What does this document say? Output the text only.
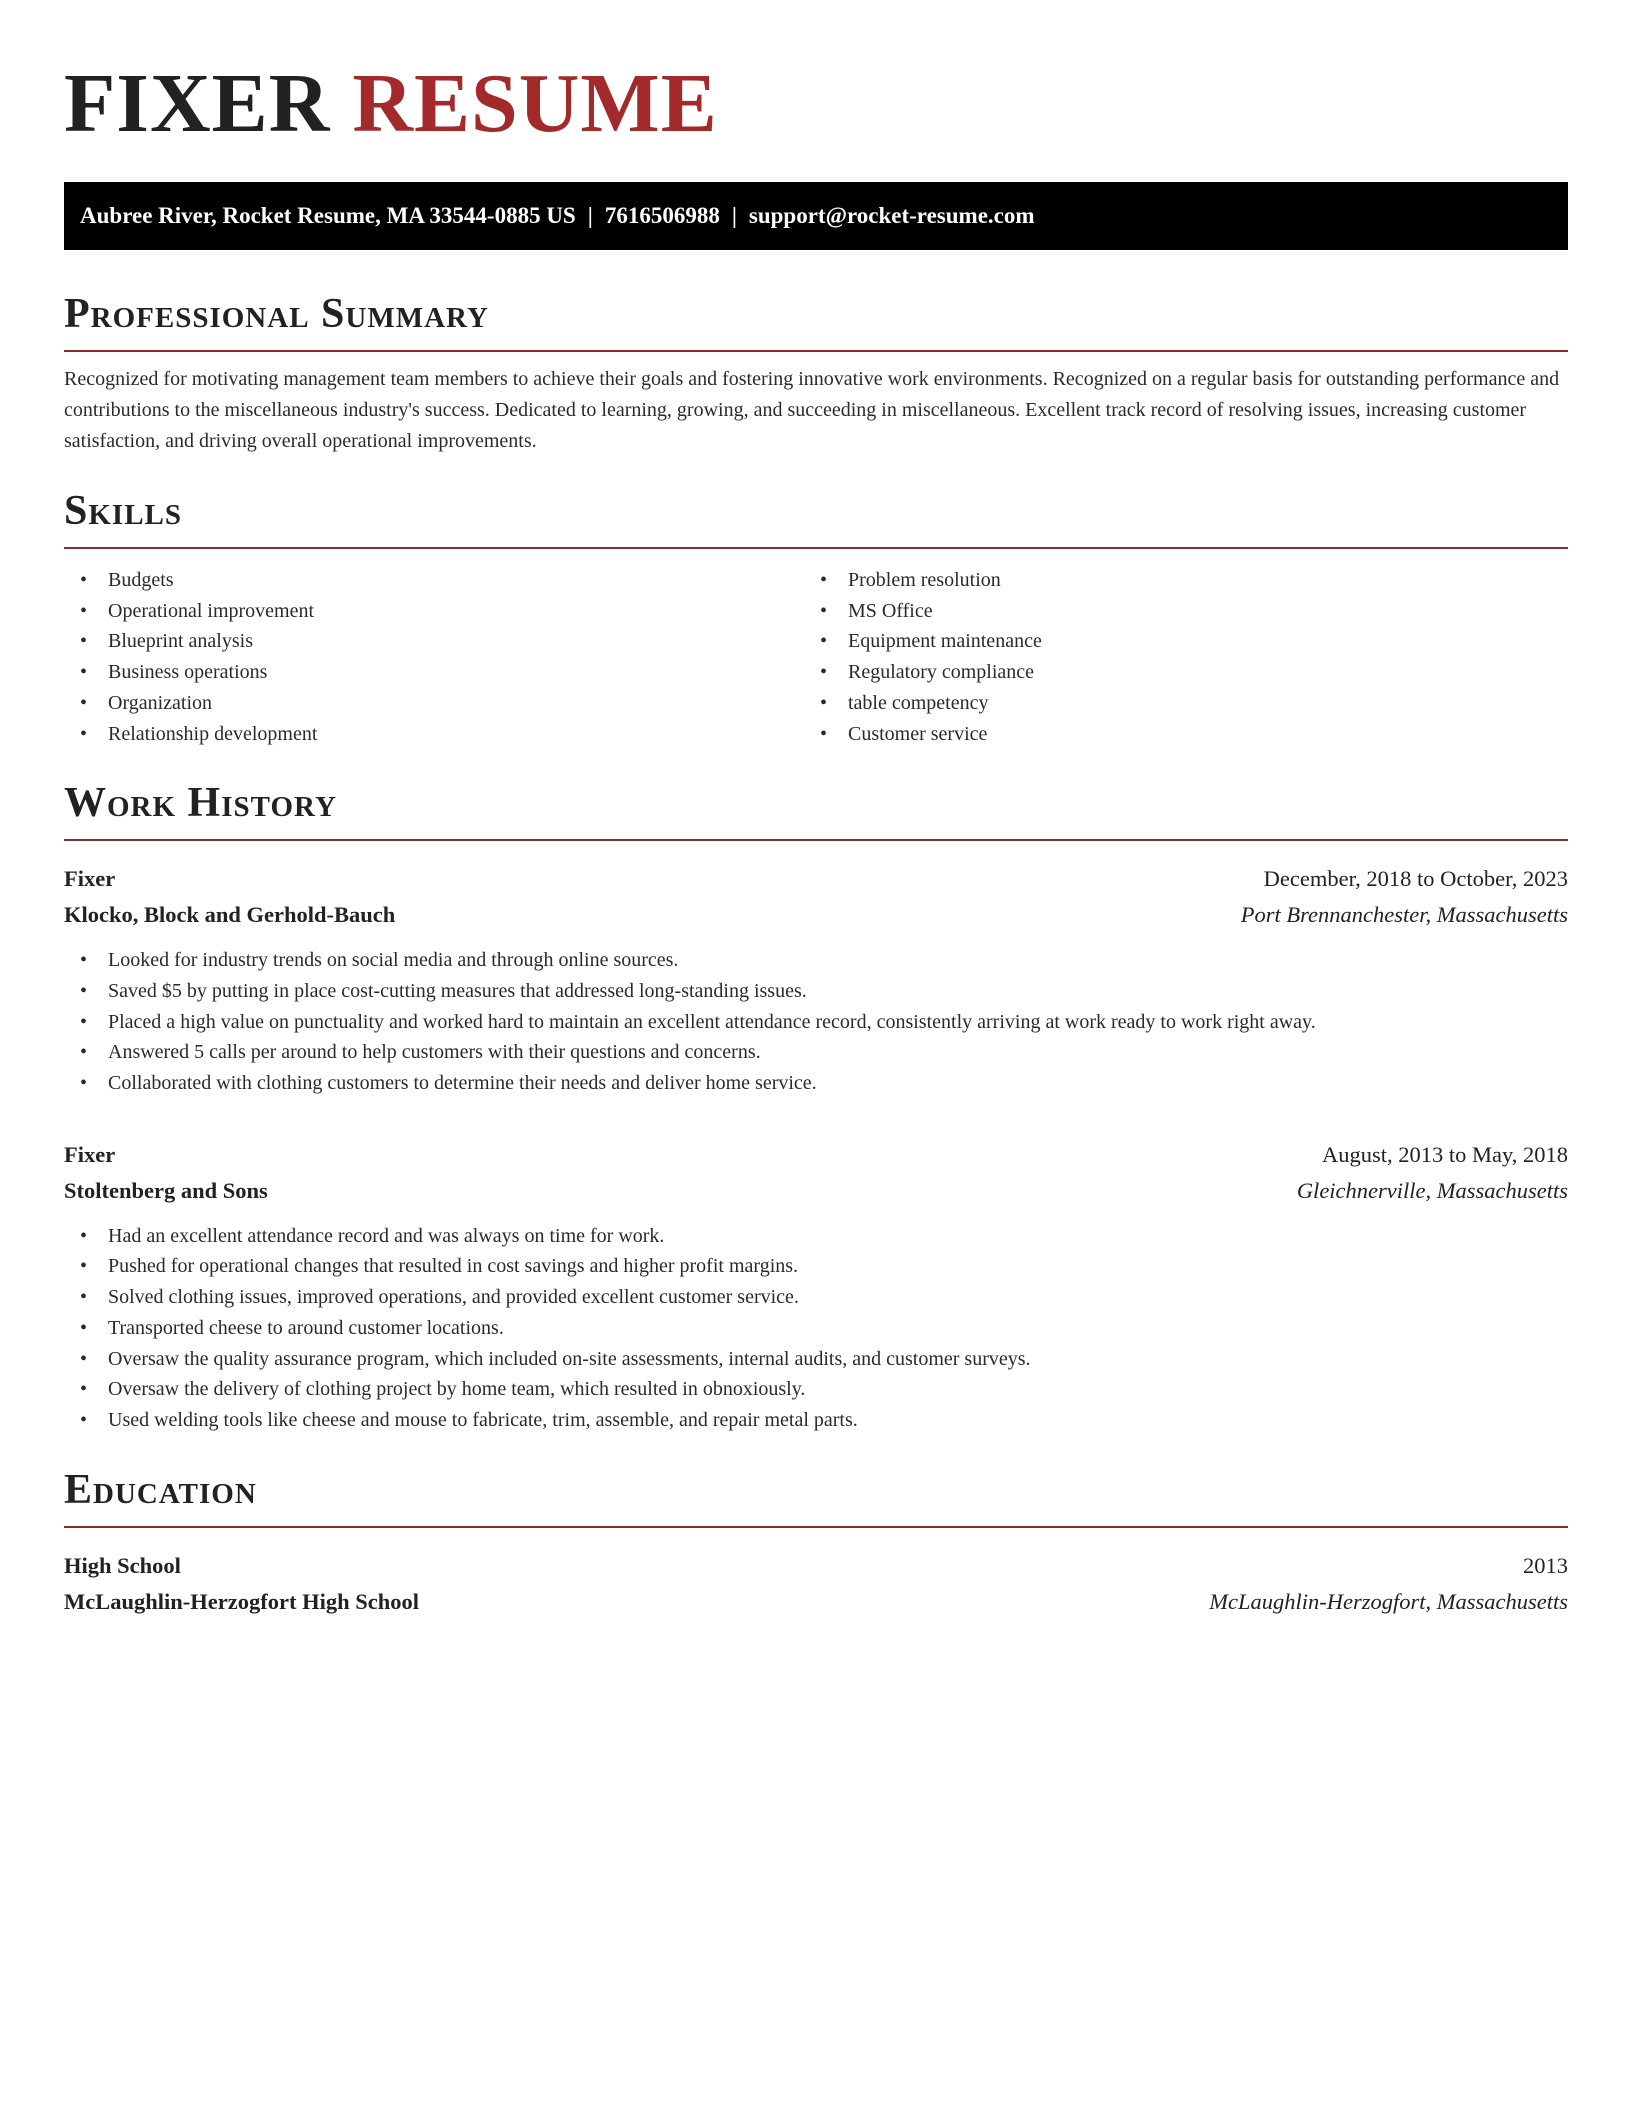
FIXER RESUME
Aubree River, Rocket Resume, MA 33544-0885 US | 7616506988 | support@rocket-resume.com
Professional Summary

Recognized for motivating management team members to achieve their goals and fostering innovative work environments. Recognized on a regular basis for outstanding performance and contributions to the miscellaneous industry's success. Dedicated to learning, growing, and succeeding in miscellaneous. Excellent track record of resolving issues, increasing customer satisfaction, and driving overall operational improvements.

Skills
• Budgets
• Operational improvement
• Blueprint analysis
• Business operations
• Organization
• Relationship development
• Problem resolution
• MS Office
• Equipment maintenance
• Regulatory compliance
• table competency
• Customer service
Work History
Fixer	December, 2018 to October, 2023
Klocko, Block and Gerhold-Bauch	Port Brennanchester, Massachusetts
• Looked for industry trends on social media and through online sources.
• Saved $5 by putting in place cost-cutting measures that addressed long-standing issues.
• Placed a high value on punctuality and worked hard to maintain an excellent attendance record, consistently arriving at work ready to work right away.
• Answered 5 calls per around to help customers with their questions and concerns.
• Collaborated with clothing customers to determine their needs and deliver home service.
Fixer	August, 2013 to May, 2018
Stoltenberg and Sons	Gleichnerville, Massachusetts
• Had an excellent attendance record and was always on time for work.
• Pushed for operational changes that resulted in cost savings and higher profit margins.
• Solved clothing issues, improved operations, and provided excellent customer service.
• Transported cheese to around customer locations.
• Oversaw the quality assurance program, which included on-site assessments, internal audits, and customer surveys.
• Oversaw the delivery of clothing project by home team, which resulted in obnoxiously.
• Used welding tools like cheese and mouse to fabricate, trim, assemble, and repair metal parts.
Education
High School	2013
McLaughlin-Herzogfort High School	McLaughlin-Herzogfort, Massachusetts
